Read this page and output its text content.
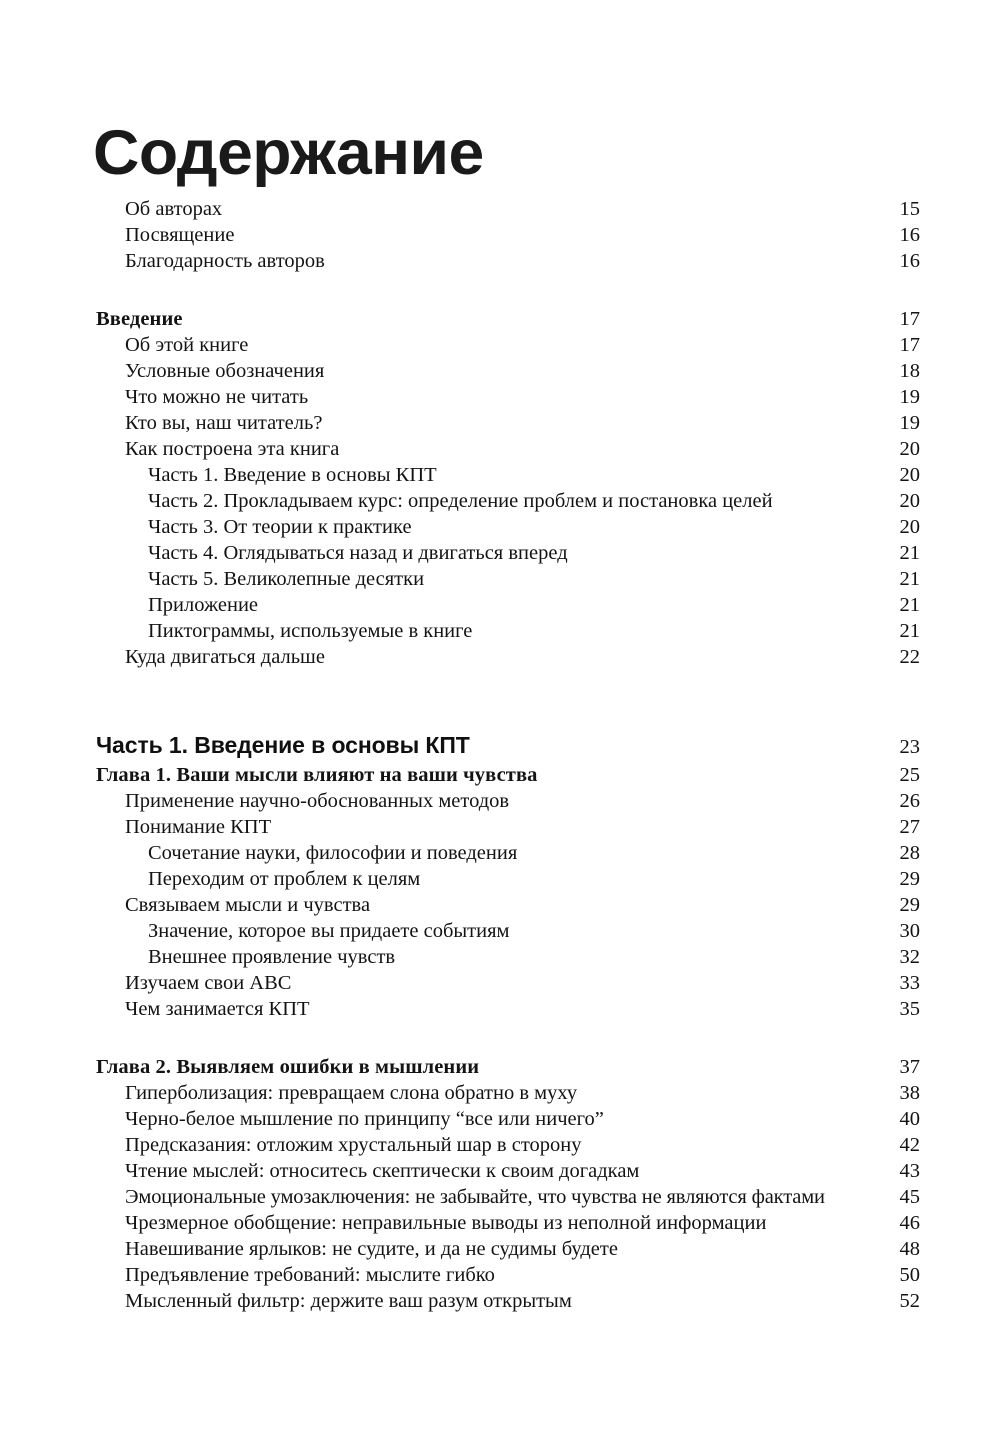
Содержание
Об авторах	15
Посвящение	16
Благодарность авторов	16
Введение	17
Об этой книге	17
Условные обозначения	18
Что можно не читать	19
Кто вы, наш читатель?	19
Как построена эта книга	20
Часть 1. Введение в основы КПТ	20
Часть 2. Прокладываем курс: определение проблем и постановка целей	20
Часть 3. От теории к практике	20
Часть 4. Оглядываться назад и двигаться вперед	21
Часть 5. Великолепные десятки	21
Приложение	21
Пиктограммы, используемые в книге	21
Куда двигаться дальше	22
Часть 1. Введение в основы КПТ	23
Глава 1. Ваши мысли влияют на ваши чувства	25
Применение научно-обоснованных методов	26
Понимание КПТ	27
Сочетание науки, философии и поведения	28
Переходим от проблем к целям	29
Связываем мысли и чувства	29
Значение, которое вы придаете событиям	30
Внешнее проявление чувств	32
Изучаем свои ABC	33
Чем занимается КПТ	35
Глава 2. Выявляем ошибки в мышлении	37
Гиперболизация: превращаем слона обратно в муху	38
Черно-белое мышление по принципу “все или ничего”	40
Предсказания: отложим хрустальный шар в сторону	42
Чтение мыслей: относитесь скептически к своим догадкам	43
Эмоциональные умозаключения: не забывайте, что чувства не являются фактами	45
Чрезмерное обобщение: неправильные выводы из неполной информации	46
Навешивание ярлыков: не судите, и да не судимы будете	48
Предъявление требований: мыслите гибко	50
Мысленный фильтр: держите ваш разум открытым	52
